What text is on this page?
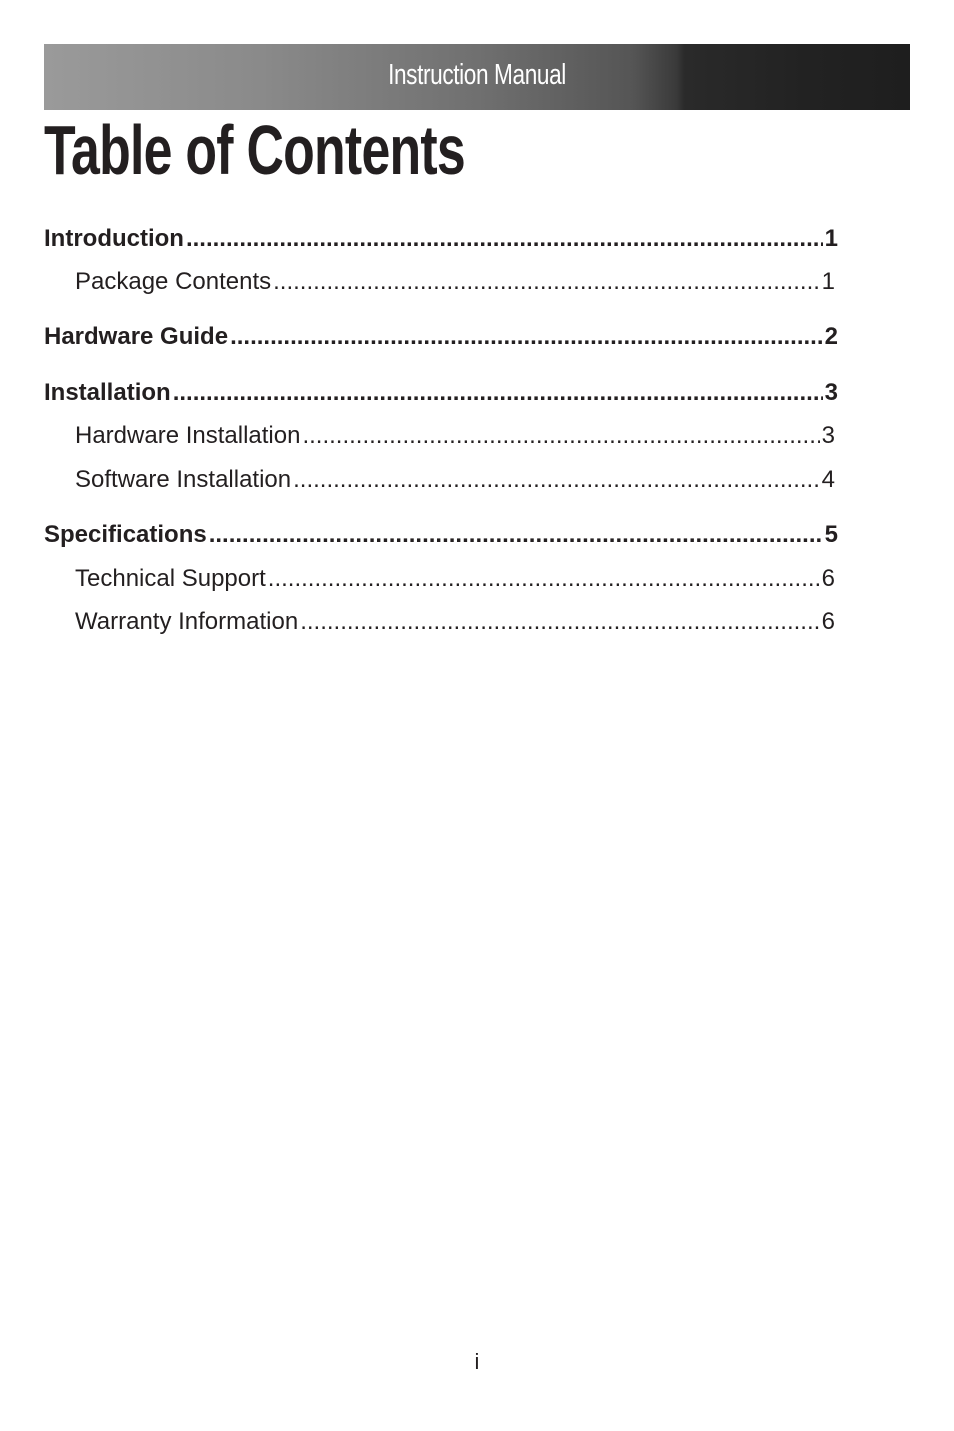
Instruction Manual
Table of Contents
Introduction .....	1
Package Contents .....	1
Hardware Guide .....	2
Installation .....	3
Hardware Installation .....	3
Software Installation .....	4
Specifications .....	5
Technical Support .....	6
Warranty Information .....	6
i
